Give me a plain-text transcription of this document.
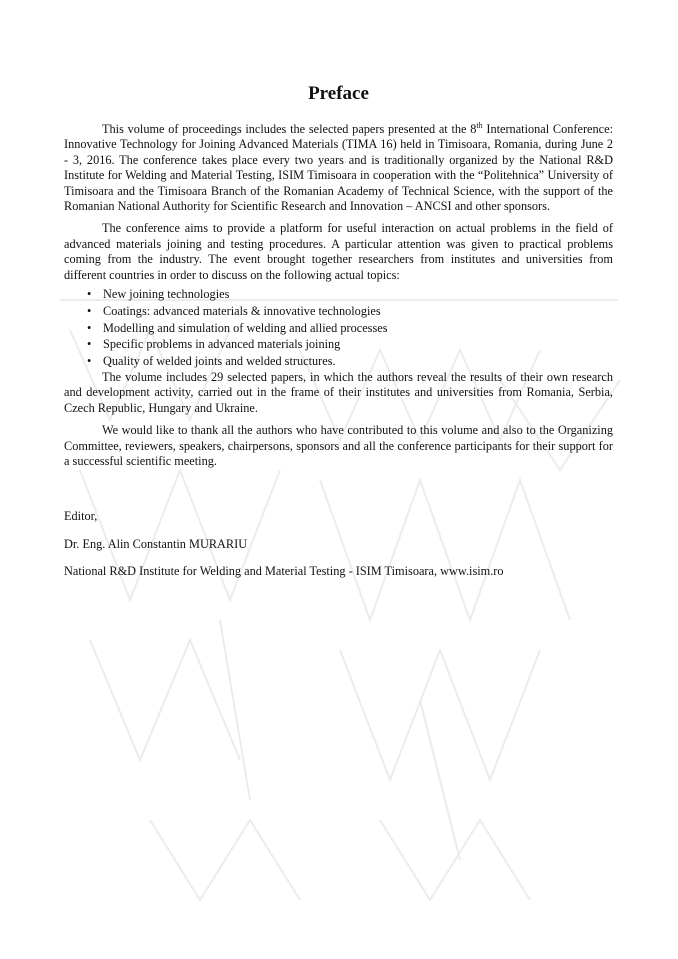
Preface

This volume of proceedings includes the selected papers presented at the 8th International Conference: Innovative Technology for Joining Advanced Materials (TIMA 16) held in Timisoara, Romania, during June 2 - 3, 2016. The conference takes place every two years and is traditionally organized by the National R&D Institute for Welding and Material Testing, ISIM Timisoara in cooperation with the “Politehnica” University of Timisoara and the Timisoara Branch of the Romanian Academy of Technical Science, with the support of the Romanian National Authority for Scientific Research and Innovation – ANCSI and other sponsors.

The conference aims to provide a platform for useful interaction on actual problems in the field of advanced materials joining and testing procedures. A particular attention was given to practical problems coming from the industry. The event brought together researchers from institutes and universities from different countries in order to discuss on the following actual topics:

• New joining technologies
• Coatings: advanced materials & innovative technologies
• Modelling and simulation of welding and allied processes
• Specific problems in advanced materials joining
• Quality of welded joints and welded structures.

The volume includes 29 selected papers, in which the authors reveal the results of their own research and development activity, carried out in the frame of their institutes and universities from Romania, Serbia, Czech Republic, Hungary and Ukraine.

We would like to thank all the authors who have contributed to this volume and also to the Organizing Committee, reviewers, speakers, chairpersons, sponsors and all the conference participants for their support for a successful scientific meeting.

Editor,

Dr. Eng. Alin Constantin MURARIU

National R&D Institute for Welding and Material Testing - ISIM Timisoara, www.isim.ro
